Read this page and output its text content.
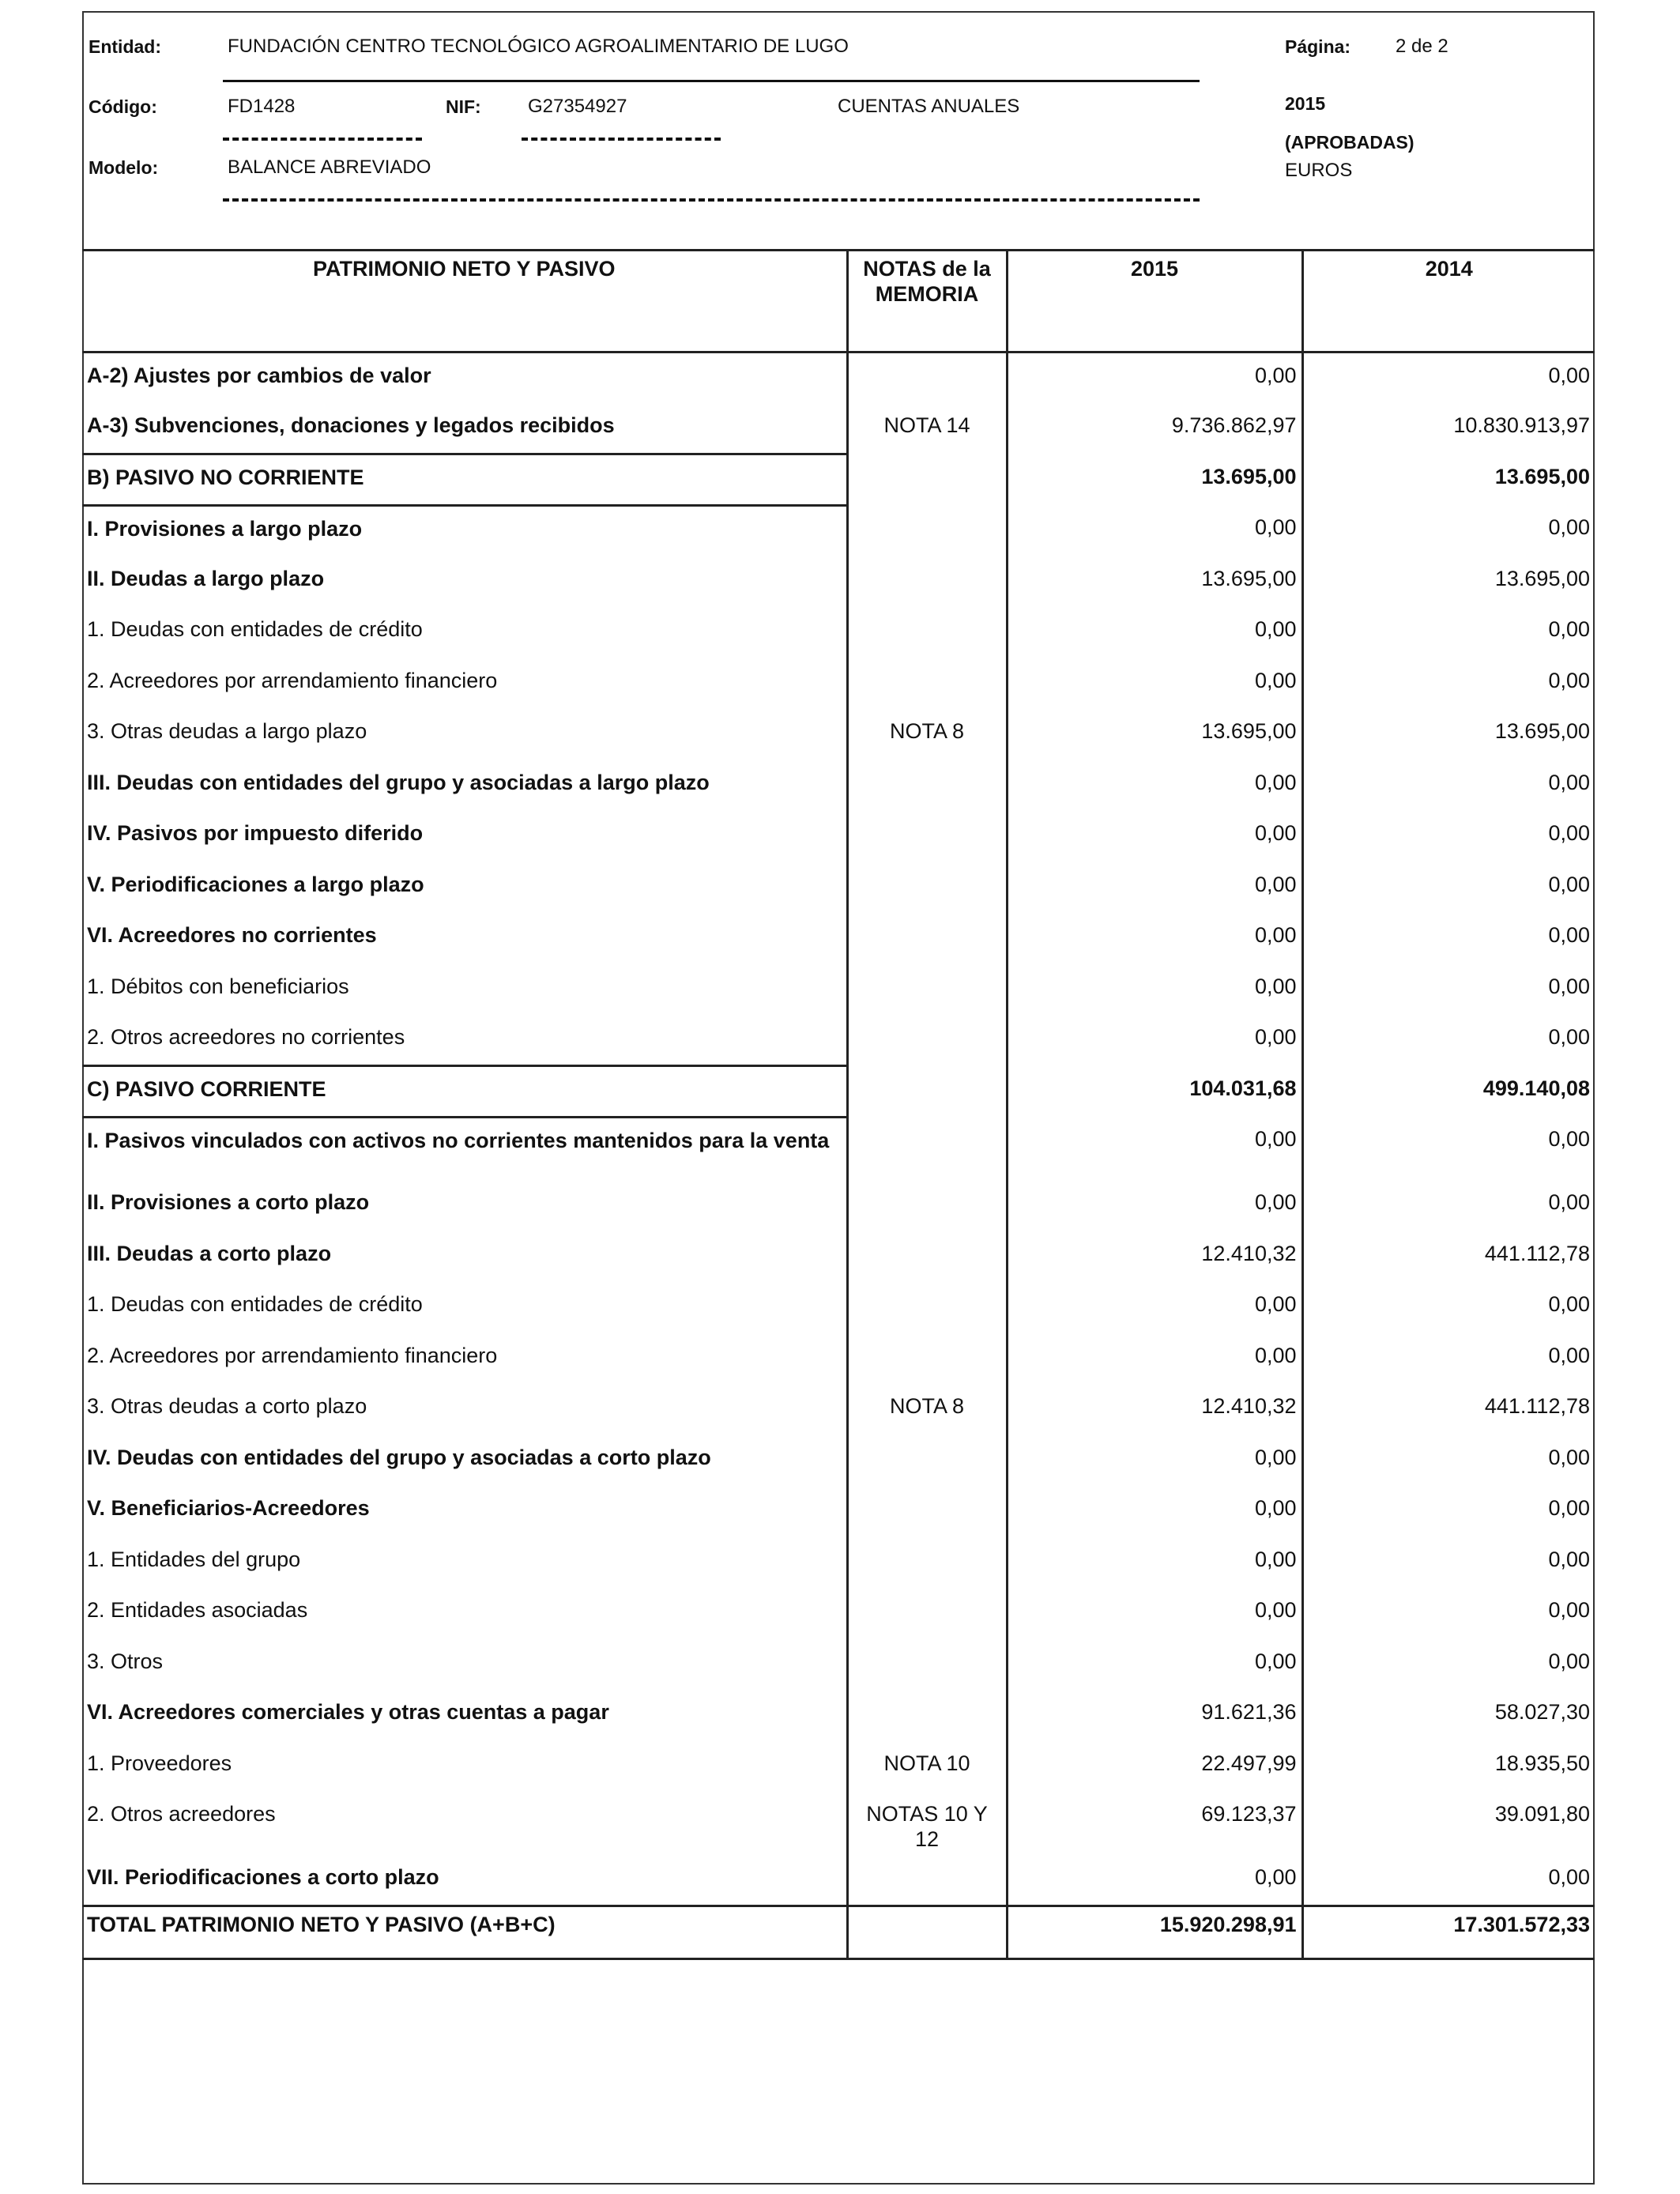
Entidad:	FUNDACIÓN CENTRO TECNOLÓGICO AGROALIMENTARIO DE LUGO	Página: 2 de 2
Código:	FD1428	NIF: G27354927	CUENTAS ANUALES	2015
(APROBADAS)
Modelo:	BALANCE ABREVIADO	EUROS
PATRIMONIO NETO Y PASIVO	NOTAS de la MEMORIA	2015	2014
A-2) Ajustes por cambios de valor		0,00	0,00
A-3) Subvenciones, donaciones y legados recibidos	NOTA 14	9.736.862,97	10.830.913,97
B) PASIVO NO CORRIENTE		13.695,00	13.695,00
I. Provisiones a largo plazo		0,00	0,00
II. Deudas a largo plazo		13.695,00	13.695,00
1. Deudas con entidades de crédito		0,00	0,00
2. Acreedores por arrendamiento financiero		0,00	0,00
3. Otras deudas a largo plazo	NOTA 8	13.695,00	13.695,00
III. Deudas con entidades del grupo y asociadas a largo plazo		0,00	0,00
IV. Pasivos por impuesto diferido		0,00	0,00
V. Periodificaciones a largo plazo		0,00	0,00
VI. Acreedores no corrientes		0,00	0,00
1. Débitos con beneficiarios		0,00	0,00
2. Otros acreedores no corrientes		0,00	0,00
C) PASIVO CORRIENTE		104.031,68	499.140,08
I. Pasivos vinculados con activos no corrientes mantenidos para la venta		0,00	0,00
II. Provisiones a corto plazo		0,00	0,00
III. Deudas a corto plazo		12.410,32	441.112,78
1. Deudas con entidades de crédito		0,00	0,00
2. Acreedores por arrendamiento financiero		0,00	0,00
3. Otras deudas a corto plazo	NOTA 8	12.410,32	441.112,78
IV. Deudas con entidades del grupo y asociadas a corto plazo		0,00	0,00
V. Beneficiarios-Acreedores		0,00	0,00
1. Entidades del grupo		0,00	0,00
2. Entidades asociadas		0,00	0,00
3. Otros		0,00	0,00
VI. Acreedores comerciales y otras cuentas a pagar		91.621,36	58.027,30
1. Proveedores	NOTA 10	22.497,99	18.935,50
2. Otros acreedores	NOTAS 10 Y 12	69.123,37	39.091,80
VII. Periodificaciones a corto plazo		0,00	0,00
TOTAL PATRIMONIO NETO Y PASIVO (A+B+C)		15.920.298,91	17.301.572,33
